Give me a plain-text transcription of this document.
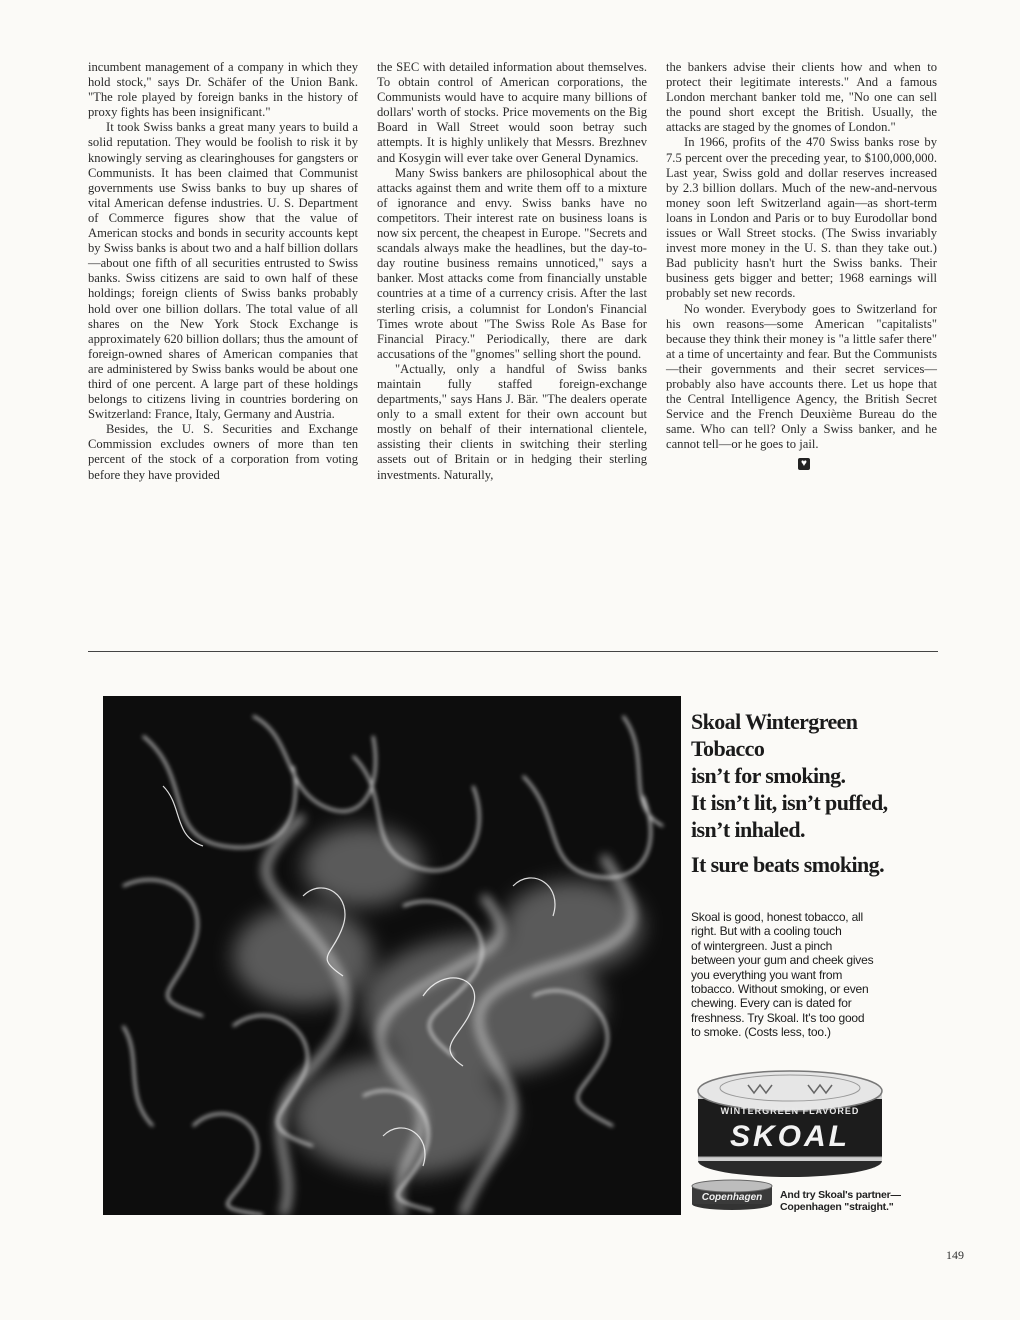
incumbent management of a company in which they hold stock," says Dr. Schäfer of the Union Bank. "The role played by foreign banks in the history of proxy fights has been insignificant."

It took Swiss banks a great many years to build a solid reputation. They would be foolish to risk it by knowingly serving as clearinghouses for gangsters or Communists. It has been claimed that Communist governments use Swiss banks to buy up shares of vital American defense industries. U. S. Department of Commerce figures show that the value of American stocks and bonds in security accounts kept by Swiss banks is about two and a half billion dollars—about one fifth of all securities entrusted to Swiss banks. Swiss citizens are said to own half of these holdings; foreign clients of Swiss banks probably hold over one billion dollars. The total value of all shares on the New York Stock Exchange is approximately 620 billion dollars; thus the amount of foreign-owned shares of American companies that are administered by Swiss banks would be about one third of one percent. A large part of these holdings belongs to citizens living in countries bordering on Switzerland: France, Italy, Germany and Austria.

Besides, the U. S. Securities and Exchange Commission excludes owners of more than ten percent of the stock of a corporation from voting before they have provided

the SEC with detailed information about themselves. To obtain control of American corporations, the Communists would have to acquire many billions of dollars' worth of stocks. Price movements on the Big Board in Wall Street would soon betray such attempts. It is highly unlikely that Messrs. Brezhnev and Kosygin will ever take over General Dynamics.

Many Swiss bankers are philosophical about the attacks against them and write them off to a mixture of ignorance and envy. Swiss banks have no competitors. Their interest rate on business loans is now six percent, the cheapest in Europe. "Secrets and scandals always make the headlines, but the day-to-day routine business remains unnoticed," says a banker. Most attacks come from financially unstable countries at a time of a currency crisis. After the last sterling crisis, a columnist for London's Financial Times wrote about "The Swiss Role As Base for Financial Piracy." Periodically, there are dark accusations of the "gnomes" selling short the pound.

"Actually, only a handful of Swiss banks maintain fully staffed foreign-exchange departments," says Hans J. Bär. "The dealers operate only to a small extent for their own account but mostly on behalf of their international clientele, assisting their clients in switching their sterling assets out of Britain or in hedging their sterling investments. Naturally,

the bankers advise their clients how and when to protect their legitimate interests." And a famous London merchant banker told me, "No one can sell the pound short except the British. Usually, the attacks are staged by the gnomes of London."

In 1966, profits of the 470 Swiss banks rose by 7.5 percent over the preceding year, to $100,000,000. Last year, Swiss gold and dollar reserves increased by 2.3 billion dollars. Much of the new-and-nervous money soon left Switzerland again—as short-term loans in London and Paris or to buy Eurodollar bond issues or Wall Street stocks. (The Swiss invariably invest more money in the U. S. than they take out.) Bad publicity hasn't hurt the Swiss banks. Their business gets bigger and better; 1968 earnings will probably set new records.

No wonder. Everybody goes to Switzerland for his own reasons—some American "capitalists" because they think their money is "a little safer there" at a time of uncertainty and fear. But the Communists—their governments and their secret services—probably also have accounts there. Let us hope that the Central Intelligence Agency, the British Secret Service and the French Deuxième Bureau do the same. Who can tell? Only a Swiss banker, and he cannot tell—or he goes to jail.

♥
Skoal Wintergreen
Tobacco
isn’t for smoking.
It isn’t lit, isn’t puffed,
isn’t inhaled.
It sure beats smoking.
Skoal is good, honest tobacco, all
right. But with a cooling touch
of wintergreen. Just a pinch
between your gum and cheek gives
you everything you want from
tobacco. Without smoking, or even
chewing. Every can is dated for
freshness. Try Skoal. It's too good
to smoke. (Costs less, too.)
WINTERGREEN FLAVORED
SKOAL
Copenhagen And try Skoal's partner—
Copenhagen "straight."
149
